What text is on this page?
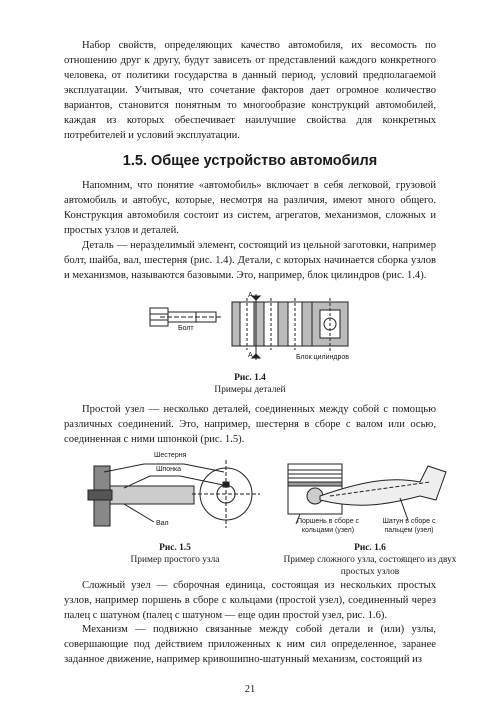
Набор свойств, определяющих качество автомобиля, их весомость по отношению друг к другу, будут зависеть от представлений каждого конкретного человека, от политики государства в данный период, условий предполагаемой эксплуатации. Учитывая, что сочетание факторов дает огромное количество вариантов, становится понятным то многообразие конструкций автомобилей, каждая из которых обеспечивает наилучшие свойства для конкретных потребителей и условий эксплуатации.

1.5. Общее устройство автомобиля

Напомним, что понятие «автомобиль» включает в себя легковой, грузовой автомобиль и автобус, которые, несмотря на различия, имеют много общего. Конструкция автомобиля состоит из систем, агрегатов, механизмов, сложных и простых узлов и деталей.

Деталь — неразделимый элемент, состоящий из цельной заготовки, например болт, шайба, вал, шестерня (рис. 1.4). Детали, с которых начинается сборка узлов и механизмов, называются базовыми. Это, например, блок цилиндров (рис. 1.4).

Болт
А
А	Блок цилиндров

Рис. 1.4
Примеры деталей

Простой узел — несколько деталей, соединенных между собой с помощью различных соединений. Это, например, шестерня в сборе с валом или осью, соединенная с ними шпонкой (рис. 1.5).

Шестерня
Шпонка
Вал

Рис. 1.5
Пример простого узла

Поршень в сборе с кольцами (узел)
Шатун в сборе с пальцем (узел)

Рис. 1.6
Пример сложного узла, состоящего из двух простых узлов

Сложный узел — сборочная единица, состоящая из нескольких простых узлов, например поршень в сборе с кольцами (простой узел), соединенный через палец с шатуном (палец с шатуном — еще один простой узел, рис. 1.6).

Механизм — подвижно связанные между собой детали и (или) узлы, совершающие под действием приложенных к ним сил определенное, заранее заданное движение, например кривошипно-шатунный механизм, состоящий из

21
